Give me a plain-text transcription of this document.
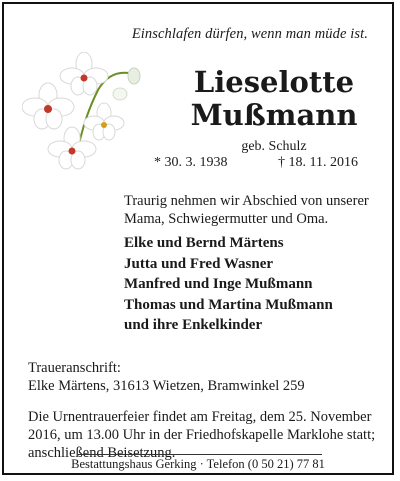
Einschlafen dürfen, wenn man müde ist.
Lieselotte
Mußmann
geb. Schulz
* 30. 3. 1938	† 18. 11. 2016
Traurig nehmen wir Abschied von unserer Mama, Schwiegermutter und Oma.
Elke und Bernd Märtens
Jutta und Fred Wasner
Manfred und Inge Mußmann
Thomas und Martina Mußmann
und ihre Enkelkinder
Traueranschrift:
Elke Märtens, 31613 Wietzen, Bramwinkel 259
Die Urnentrauerfeier findet am Freitag, dem 25. November 2016, um 13.00 Uhr in der Friedhofskapelle Marklohe statt; anschließend Beisetzung.
Bestattungshaus Gerking · Telefon (0 50 21) 77 81
